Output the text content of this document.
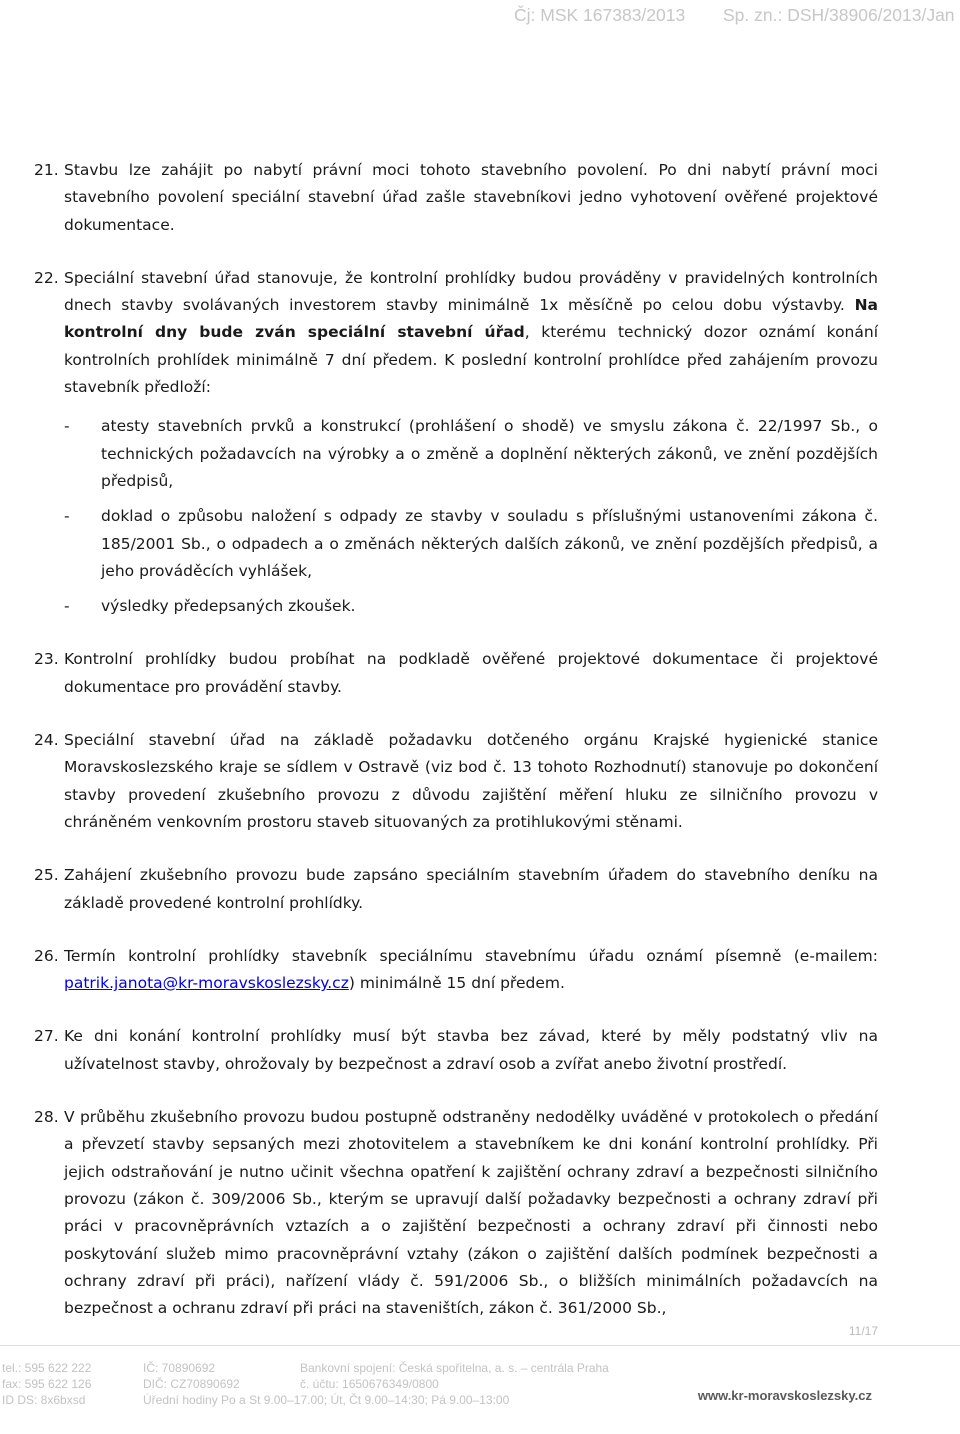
Čj: MSK 167383/2013 Sp. zn.: DSH/38906/2013/Jan
21. Stavbu lze zahájit po nabytí právní moci tohoto stavebního povolení. Po dni nabytí právní moci stavebního povolení speciální stavební úřad zašle stavebníkovi jedno vyhotovení ověřené projektové dokumentace.

22. Speciální stavební úřad stanovuje, že kontrolní prohlídky budou prováděny v pravidelných kontrolních dnech stavby svolávaných investorem stavby minimálně 1x měsíčně po celou dobu výstavby. Na kontrolní dny bude zván speciální stavební úřad, kterému technický dozor oznámí konání kontrolních prohlídek minimálně 7 dní předem. K poslední kontrolní prohlídce před zahájením provozu stavebník předloží:

- atesty stavebních prvků a konstrukcí (prohlášení o shodě) ve smyslu zákona č. 22/1997 Sb., o technických požadavcích na výrobky a o změně a doplnění některých zákonů, ve znění pozdějších předpisů,
- doklad o způsobu naložení s odpady ze stavby v souladu s příslušnými ustanoveními zákona č. 185/2001 Sb., o odpadech a o změnách některých dalších zákonů, ve znění pozdějších předpisů, a jeho prováděcích vyhlášek,
- výsledky předepsaných zkoušek.
23. Kontrolní prohlídky budou probíhat na podkladě ověřené projektové dokumentace či projektové dokumentace pro provádění stavby.

24. Speciální stavební úřad na základě požadavku dotčeného orgánu Krajské hygienické stanice Moravskoslezského kraje se sídlem v Ostravě (viz bod č. 13 tohoto Rozhodnutí) stanovuje po dokončení stavby provedení zkušebního provozu z důvodu zajištění měření hluku ze silničního provozu v chráněném venkovním prostoru staveb situovaných za protihlukovými stěnami.

25. Zahájení zkušebního provozu bude zapsáno speciálním stavebním úřadem do stavebního deníku na základě provedené kontrolní prohlídky.

26. Termín kontrolní prohlídky stavebník speciálnímu stavebnímu úřadu oznámí písemně (e-mailem: patrik.janota@kr-moravskoslezsky.cz) minimálně 15 dní předem.

27. Ke dni konání kontrolní prohlídky musí být stavba bez závad, které by měly podstatný vliv na užívatelnost stavby, ohrožovaly by bezpečnost a zdraví osob a zvířat anebo životní prostředí.

28. V průběhu zkušebního provozu budou postupně odstraněny nedodělky uváděné v protokolech o předání a převzetí stavby sepsaných mezi zhotovitelem a stavebníkem ke dni konání kontrolní prohlídky. Při jejich odstraňování je nutno učinit všechna opatření k zajištění ochrany zdraví a bezpečnosti silničního provozu (zákon č. 309/2006 Sb., kterým se upravují další požadavky bezpečnosti a ochrany zdraví při práci v pracovněprávních vztazích a o zajištění bezpečnosti a ochrany zdraví při činnosti nebo poskytování služeb mimo pracovněprávní vztahy (zákon o zajištění dalších podmínek bezpečnosti a ochrany zdraví při práci), nařízení vlády č. 591/2006 Sb., o bližších minimálních požadavcích na bezpečnost a ochranu zdraví při práci na staveništích, zákon č. 361/2000 Sb.,

11/17
tel.: 595 622 222
fax: 595 622 126
ID DS: 8x6bxsd
IČ: 70890692
DIČ: CZ70890692
Úřední hodiny Po a St 9.00–17.00; Út, Čt 9.00–14:30; Pá 9.00–13:00
Bankovní spojení: Česká spořitelna, a. s. – centrála Praha
č. účtu: 1650676349/0800
www.kr-moravskoslezsky.cz
